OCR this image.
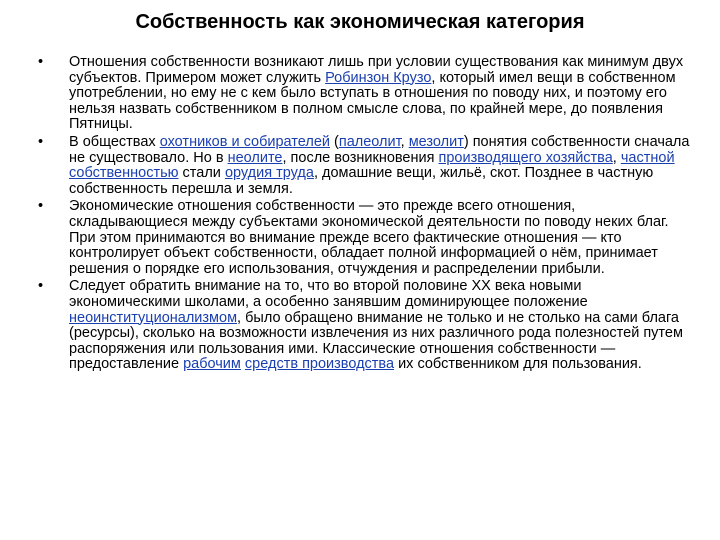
Собственность как экономическая категория
•	Отношения собственности возникают лишь при условии существования как минимум двух субъектов. Примером может служить Робинзон Крузо, который имел вещи в собственном употреблении, но ему не с кем было вступать в отношения по поводу них, и поэтому его нельзя назвать собственником в полном смысле слова, по крайней мере, до появления Пятницы.
•	В обществах охотников и собирателей (палеолит, мезолит) понятия собственности сначала не существовало. Но в неолите, после возникновения производящего хозяйства, частной собственностью стали орудия труда, домашние вещи, жильё, скот. Позднее в частную собственность перешла и земля.
•	Экономические отношения собственности — это прежде всего отношения, складывающиеся между субъектами экономической деятельности по поводу неких благ. При этом принимаются во внимание прежде всего фактические отношения — кто контролирует объект собственности, обладает полной информацией о нём, принимает решения о порядке его использования, отчуждения и распределении прибыли.
•	Следует обратить внимание на то, что во второй половине XX века новыми экономическими школами, а особенно занявшим доминирующее положение неоинституционализмом, было обращено внимание не только и не столько на сами блага (ресурсы), сколько на возможности извлечения из них различного рода полезностей путем распоряжения или пользования ими. Классические отношения собственности — предоставление рабочим средств производства их собственником для пользования.
